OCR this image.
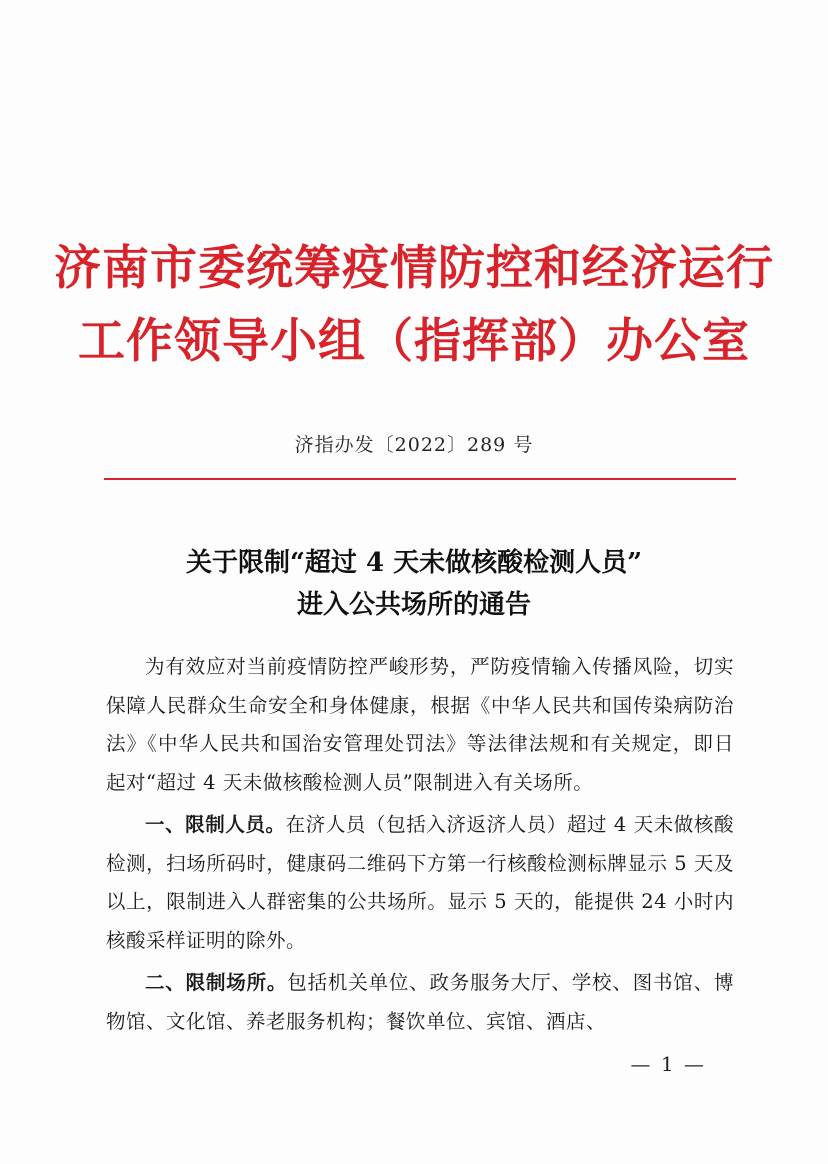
济南市委统筹疫情防控和经济运行
工作领导小组（指挥部）办公室
济指办发〔2022〕289 号
关于限制“超过 4 天未做核酸检测人员”
进入公共场所的通告

为有效应对当前疫情防控严峻形势，严防疫情输入传播风险，切实保障人民群众生命安全和身体健康，根据《中华人民共和国传染病防治法》《中华人民共和国治安管理处罚法》等法律法规和有关规定，即日起对“超过 4 天未做核酸检测人员”限制进入有关场所。

一、限制人员。在济人员（包括入济返济人员）超过 4 天未做核酸检测，扫场所码时，健康码二维码下方第一行核酸检测标牌显示 5 天及以上，限制进入人群密集的公共场所。显示 5 天的，能提供 24 小时内核酸采样证明的除外。

二、限制场所。包括机关单位、政务服务大厅、学校、图书馆、博物馆、文化馆、养老服务机构；餐饮单位、宾馆、酒店、

— 1 —
